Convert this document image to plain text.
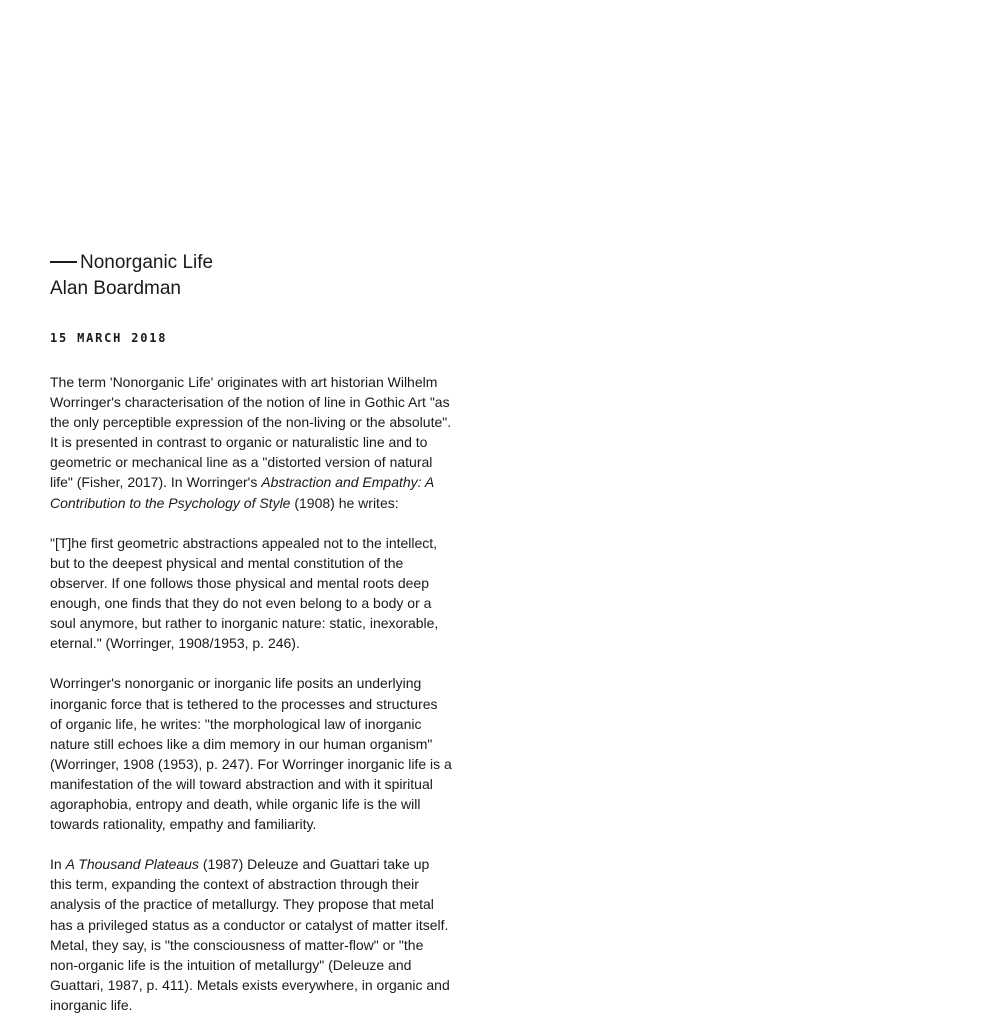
Nonorganic Life
Alan Boardman
15 MARCH 2018

The term 'Nonorganic Life' originates with art historian Wilhelm Worringer's characterisation of the notion of line in Gothic Art "as the only perceptible expression of the non-living or the absolute". It is presented in contrast to organic or naturalistic line and to geometric or mechanical line as a "distorted version of natural life" (Fisher, 2017). In Worringer's Abstraction and Empathy: A Contribution to the Psychology of Style (1908) he writes:

"[T]he first geometric abstractions appealed not to the intellect, but to the deepest physical and mental constitution of the observer. If one follows those physical and mental roots deep enough, one finds that they do not even belong to a body or a soul anymore, but rather to inorganic nature: static, inexorable, eternal." (Worringer, 1908/1953, p. 246).

Worringer's nonorganic or inorganic life posits an underlying inorganic force that is tethered to the processes and structures of organic life, he writes: "the morphological law of inorganic nature still echoes like a dim memory in our human organism" (Worringer, 1908 (1953), p. 247). For Worringer inorganic life is a manifestation of the will toward abstraction and with it spiritual agoraphobia, entropy and death, while organic life is the will towards rationality, empathy and familiarity.

In A Thousand Plateaus (1987) Deleuze and Guattari take up this term, expanding the context of abstraction through their analysis of the practice of metallurgy. They propose that metal has a privileged status as a conductor or catalyst of matter itself. Metal, they say, is "the consciousness of matter-flow" or "the non-organic life is the intuition of metallurgy" (Deleuze and Guattari, 1987, p. 411). Metals exists everywhere, in organic and inorganic life.
